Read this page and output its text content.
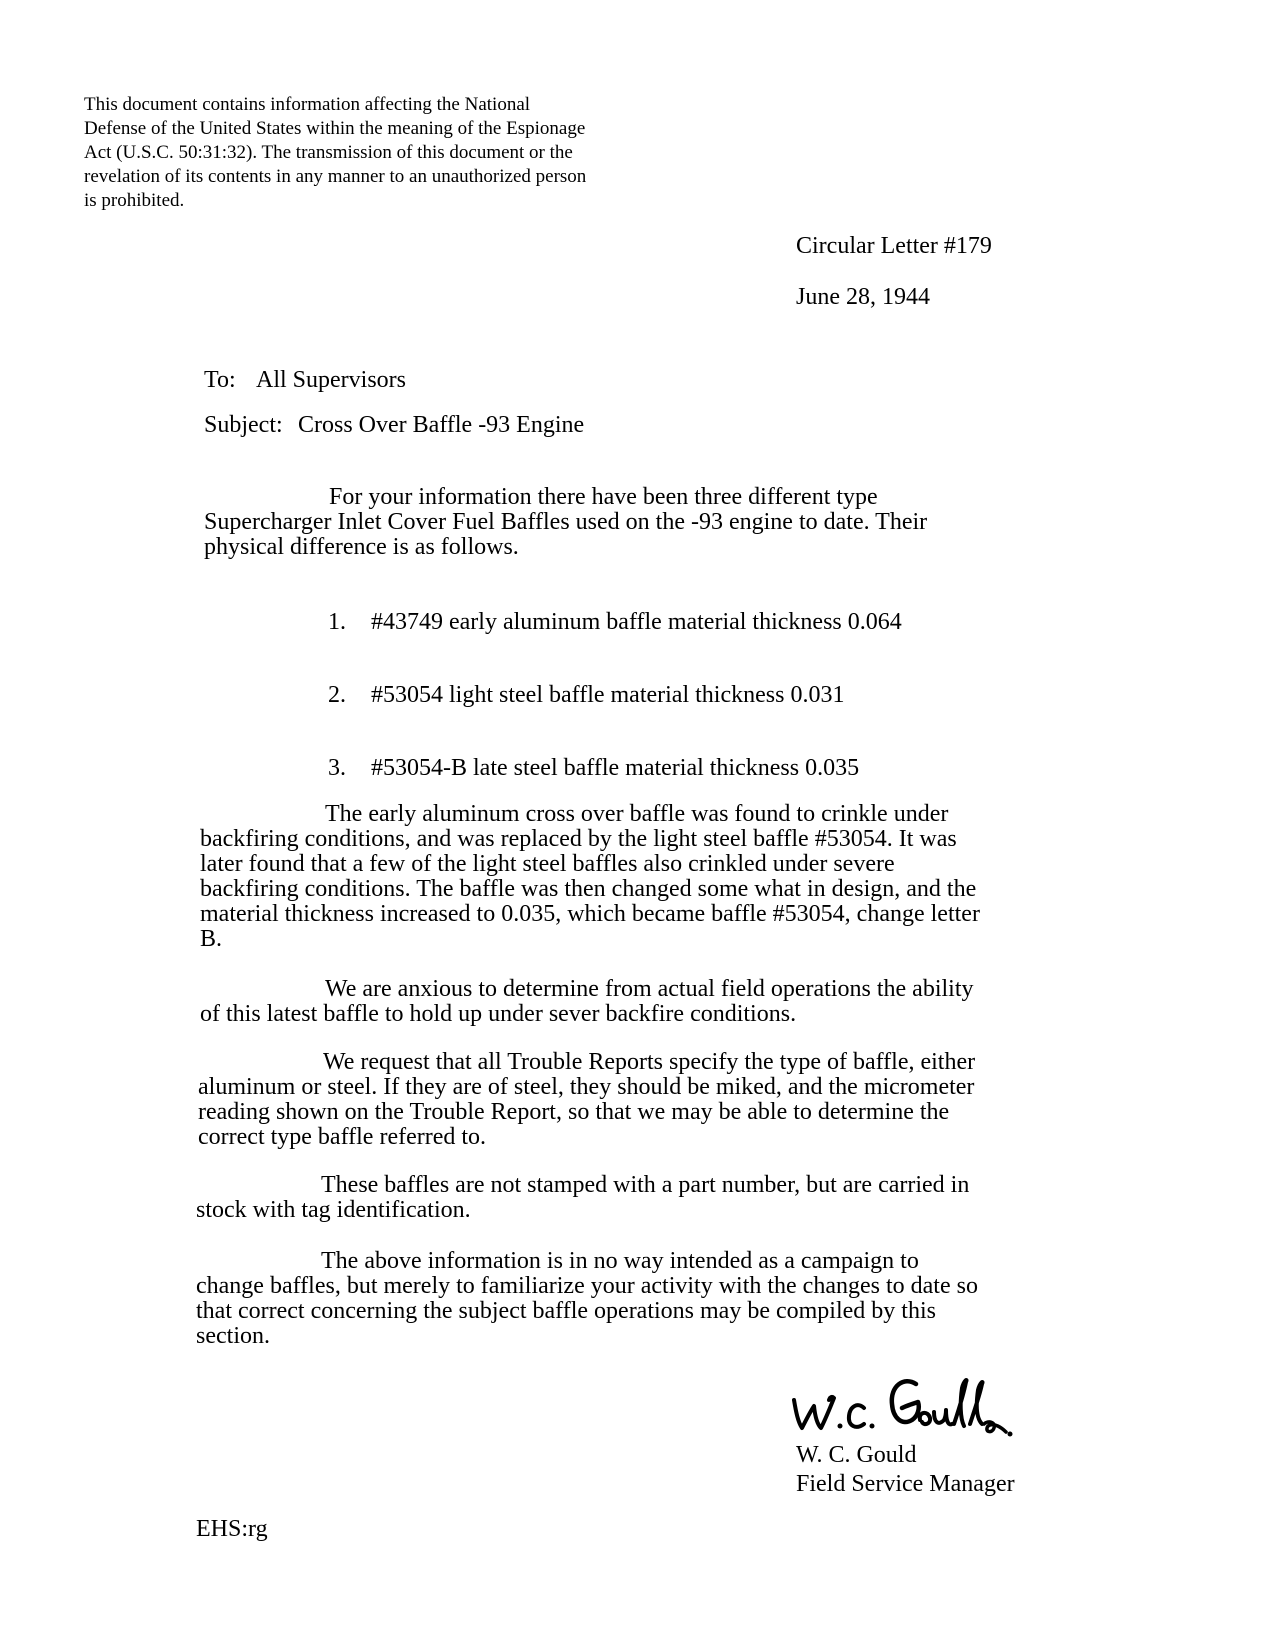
This document contains information affecting the National
Defense of the United States within the meaning of the Espionage
Act (U.S.C. 50:31:32). The transmission of this document or the
revelation of its contents in any manner to an unauthorized person
is prohibited.
Circular Letter #179
June 28, 1944
To: All Supervisors
Subject: Cross Over Baffle -93 Engine
For your information there have been three different type
Supercharger Inlet Cover Fuel Baffles used on the -93 engine to date. Their
physical difference is as follows.
1. #43749 early aluminum baffle material thickness 0.064
2. #53054 light steel baffle material thickness 0.031
3. #53054-B late steel baffle material thickness 0.035
The early aluminum cross over baffle was found to crinkle under
backfiring conditions, and was replaced by the light steel baffle #53054. It was
later found that a few of the light steel baffles also crinkled under severe
backfiring conditions. The baffle was then changed some what in design, and the
material thickness increased to 0.035, which became baffle #53054, change letter
B.
We are anxious to determine from actual field operations the ability
of this latest baffle to hold up under sever backfire conditions.
We request that all Trouble Reports specify the type of baffle, either
aluminum or steel. If they are of steel, they should be miked, and the micrometer
reading shown on the Trouble Report, so that we may be able to determine the
correct type baffle referred to.
These baffles are not stamped with a part number, but are carried in
stock with tag identification.
The above information is in no way intended as a campaign to
change baffles, but merely to familiarize your activity with the changes to date so
that correct concerning the subject baffle operations may be compiled by this
section.
W. C. Gould
Field Service Manager
EHS:rg
